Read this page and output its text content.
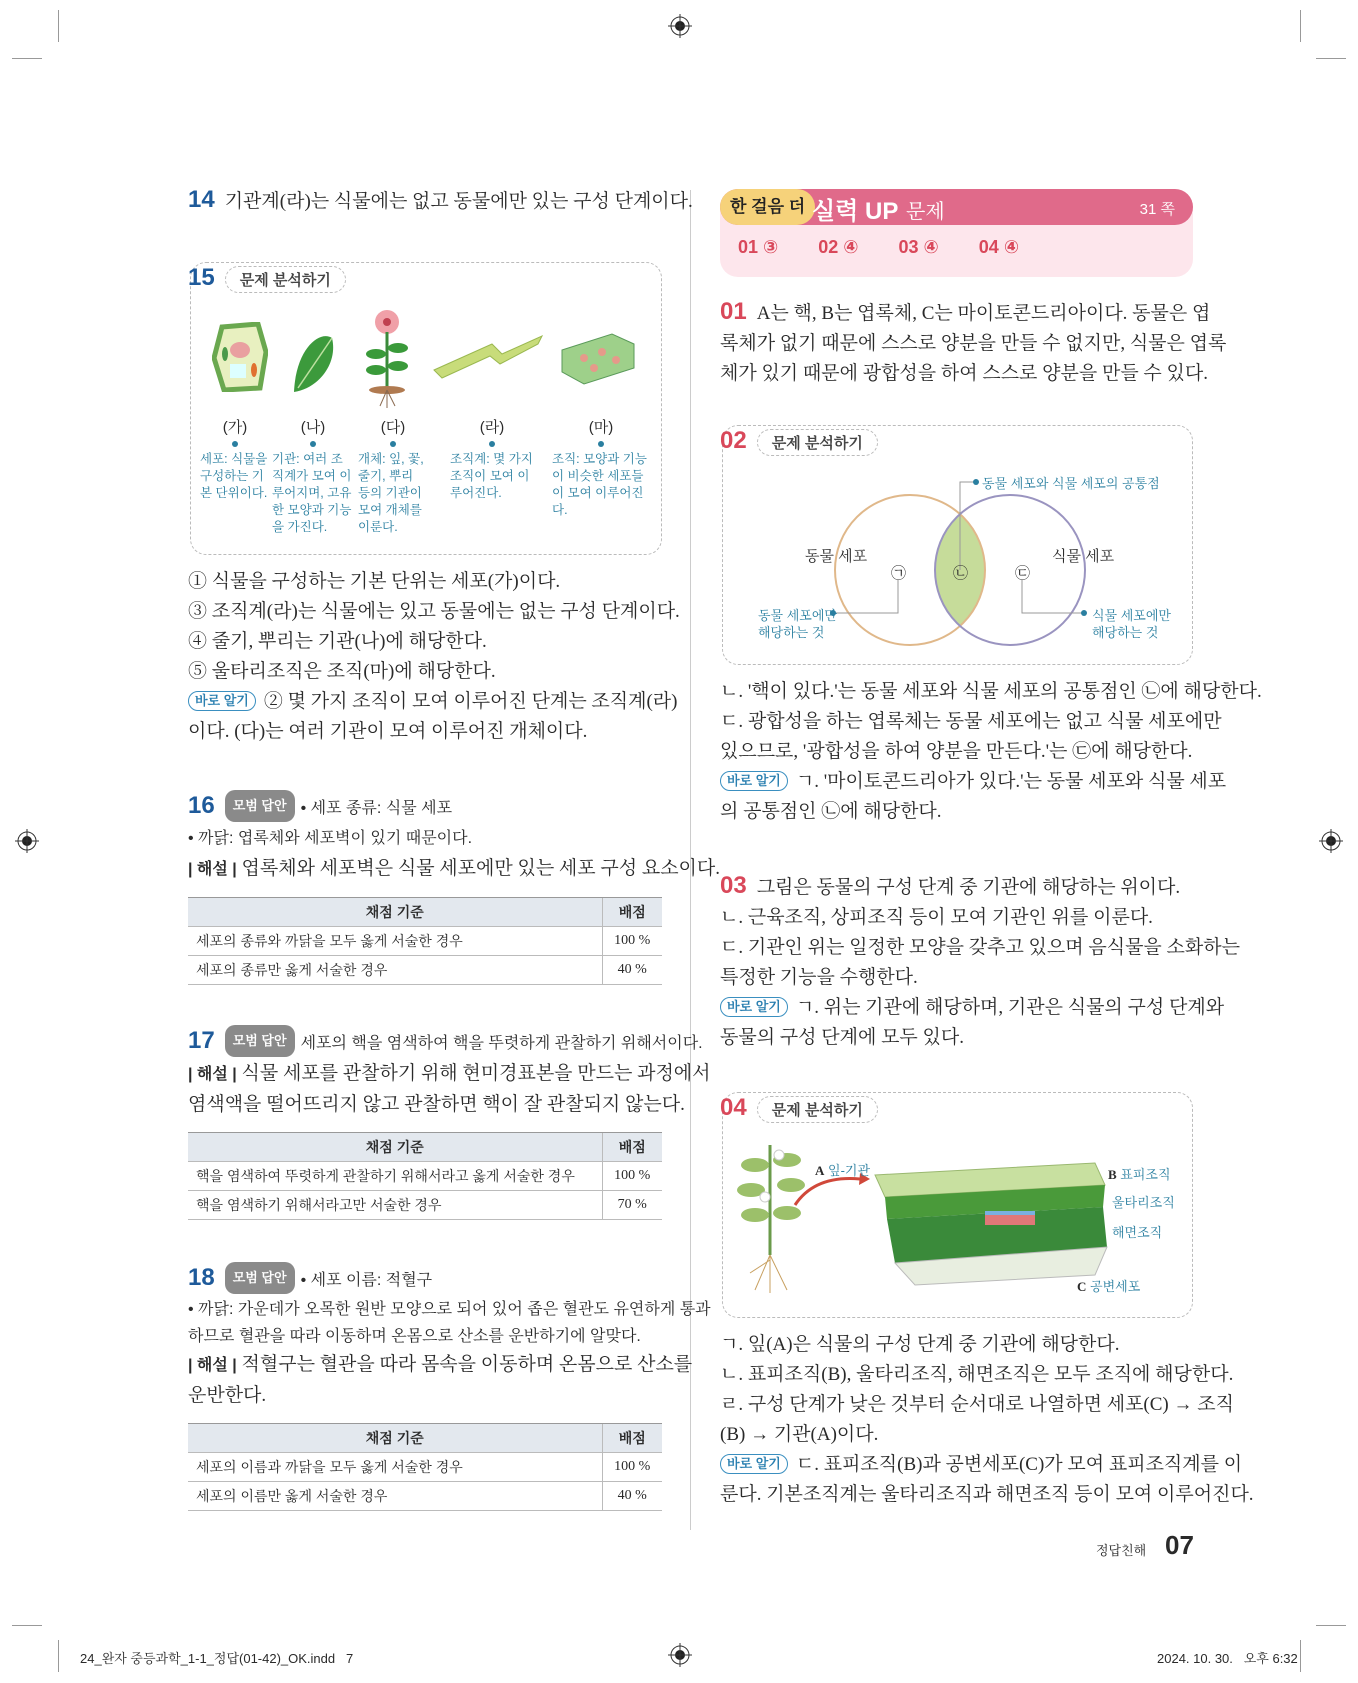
14 기관계(라)는 식물에는 없고 동물에만 있는 구성 단계이다.
15 문제 분석하기
(가)
세포: 식물을 구성하는 기본 단위이다.
(나)
기관: 여러 조직계가 모여 이루어지며, 고유한 모양과 기능을 가진다.
(다)
개체: 잎, 꽃, 줄기, 뿌리 등의 기관이 모여 개체를 이룬다.
(라)
조직계: 몇 가지 조직이 모여 이루어진다.
(마)
조직: 모양과 기능이 비슷한 세포들이 모여 이루어진다.
① 식물을 구성하는 기본 단위는 세포(가)이다.
③ 조직계(라)는 식물에는 있고 동물에는 없는 구성 단계이다.
④ 줄기, 뿌리는 기관(나)에 해당한다.
⑤ 울타리조직은 조직(마)에 해당한다.
바로 알기 ② 몇 가지 조직이 모여 이루어진 단계는 조직계(라)
이다. (다)는 여러 기관이 모여 이루어진 개체이다.
16 모범 답안 • 세포 종류: 식물 세포
• 까닭: 엽록체와 세포벽이 있기 때문이다.
| 해설 | 엽록체와 세포벽은 식물 세포에만 있는 세포 구성 요소이다.
채점 기준	배점
세포의 종류와 까닭을 모두 옳게 서술한 경우	100 %
세포의 종류만 옳게 서술한 경우	40 %
17 모범 답안 세포의 핵을 염색하여 핵을 뚜렷하게 관찰하기 위해서이다.
| 해설 | 식물 세포를 관찰하기 위해 현미경표본을 만드는 과정에서
염색액을 떨어뜨리지 않고 관찰하면 핵이 잘 관찰되지 않는다.
채점 기준	배점
핵을 염색하여 뚜렷하게 관찰하기 위해서라고 옳게 서술한 경우	100 %
핵을 염색하기 위해서라고만 서술한 경우	70 %
18 모범 답안 • 세포 이름: 적혈구
• 까닭: 가운데가 오목한 원반 모양으로 되어 있어 좁은 혈관도 유연하게 통과
하므로 혈관을 따라 이동하며 온몸으로 산소를 운반하기에 알맞다.
| 해설 | 적혈구는 혈관을 따라 몸속을 이동하며 온몸으로 산소를
운반한다.
채점 기준	배점
세포의 이름과 까닭을 모두 옳게 서술한 경우	100 %
세포의 이름만 옳게 서술한 경우	40 %
한 걸음 더 실력 UP 문제	31 쪽
01 ③ 02 ④ 03 ④ 04 ④
01 A는 핵, B는 엽록체, C는 마이토콘드리아이다. 동물은 엽
록체가 없기 때문에 스스로 양분을 만들 수 없지만, 식물은 엽록
체가 있기 때문에 광합성을 하여 스스로 양분을 만들 수 있다.
02 문제 분석하기
동물 세포와 식물 세포의 공통점
동물 세포	식물 세포
㉠	㉡	㉢
동물 세포에만
해당하는 것
식물 세포에만
해당하는 것
ㄴ. '핵이 있다.'는 동물 세포와 식물 세포의 공통점인 ㉡에 해당한다.
ㄷ. 광합성을 하는 엽록체는 동물 세포에는 없고 식물 세포에만
있으므로, '광합성을 하여 양분을 만든다.'는 ㉢에 해당한다.
바로 알기 ㄱ. '마이토콘드리아가 있다.'는 동물 세포와 식물 세포
의 공통점인 ㉡에 해당한다.
03 그림은 동물의 구성 단계 중 기관에 해당하는 위이다.
ㄴ. 근육조직, 상피조직 등이 모여 기관인 위를 이룬다.
ㄷ. 기관인 위는 일정한 모양을 갖추고 있으며 음식물을 소화하는
특정한 기능을 수행한다.
바로 알기 ㄱ. 위는 기관에 해당하며, 기관은 식물의 구성 단계와
동물의 구성 단계에 모두 있다.
04 문제 분석하기
A 잎-기관	B 표피조직
울타리조직
해면조직
C 공변세포
ㄱ. 잎(A)은 식물의 구성 단계 중 기관에 해당한다.
ㄴ. 표피조직(B), 울타리조직, 해면조직은 모두 조직에 해당한다.
ㄹ. 구성 단계가 낮은 것부터 순서대로 나열하면 세포(C) → 조직
(B) → 기관(A)이다.
바로 알기 ㄷ. 표피조직(B)과 공변세포(C)가 모여 표피조직계를 이
룬다. 기본조직계는 울타리조직과 해면조직 등이 모여 이루어진다.
정답친해 07
24_완자 중등과학_1-1_정답(01-42)_OK.indd   7	2024. 10. 30.   오후 6:32
